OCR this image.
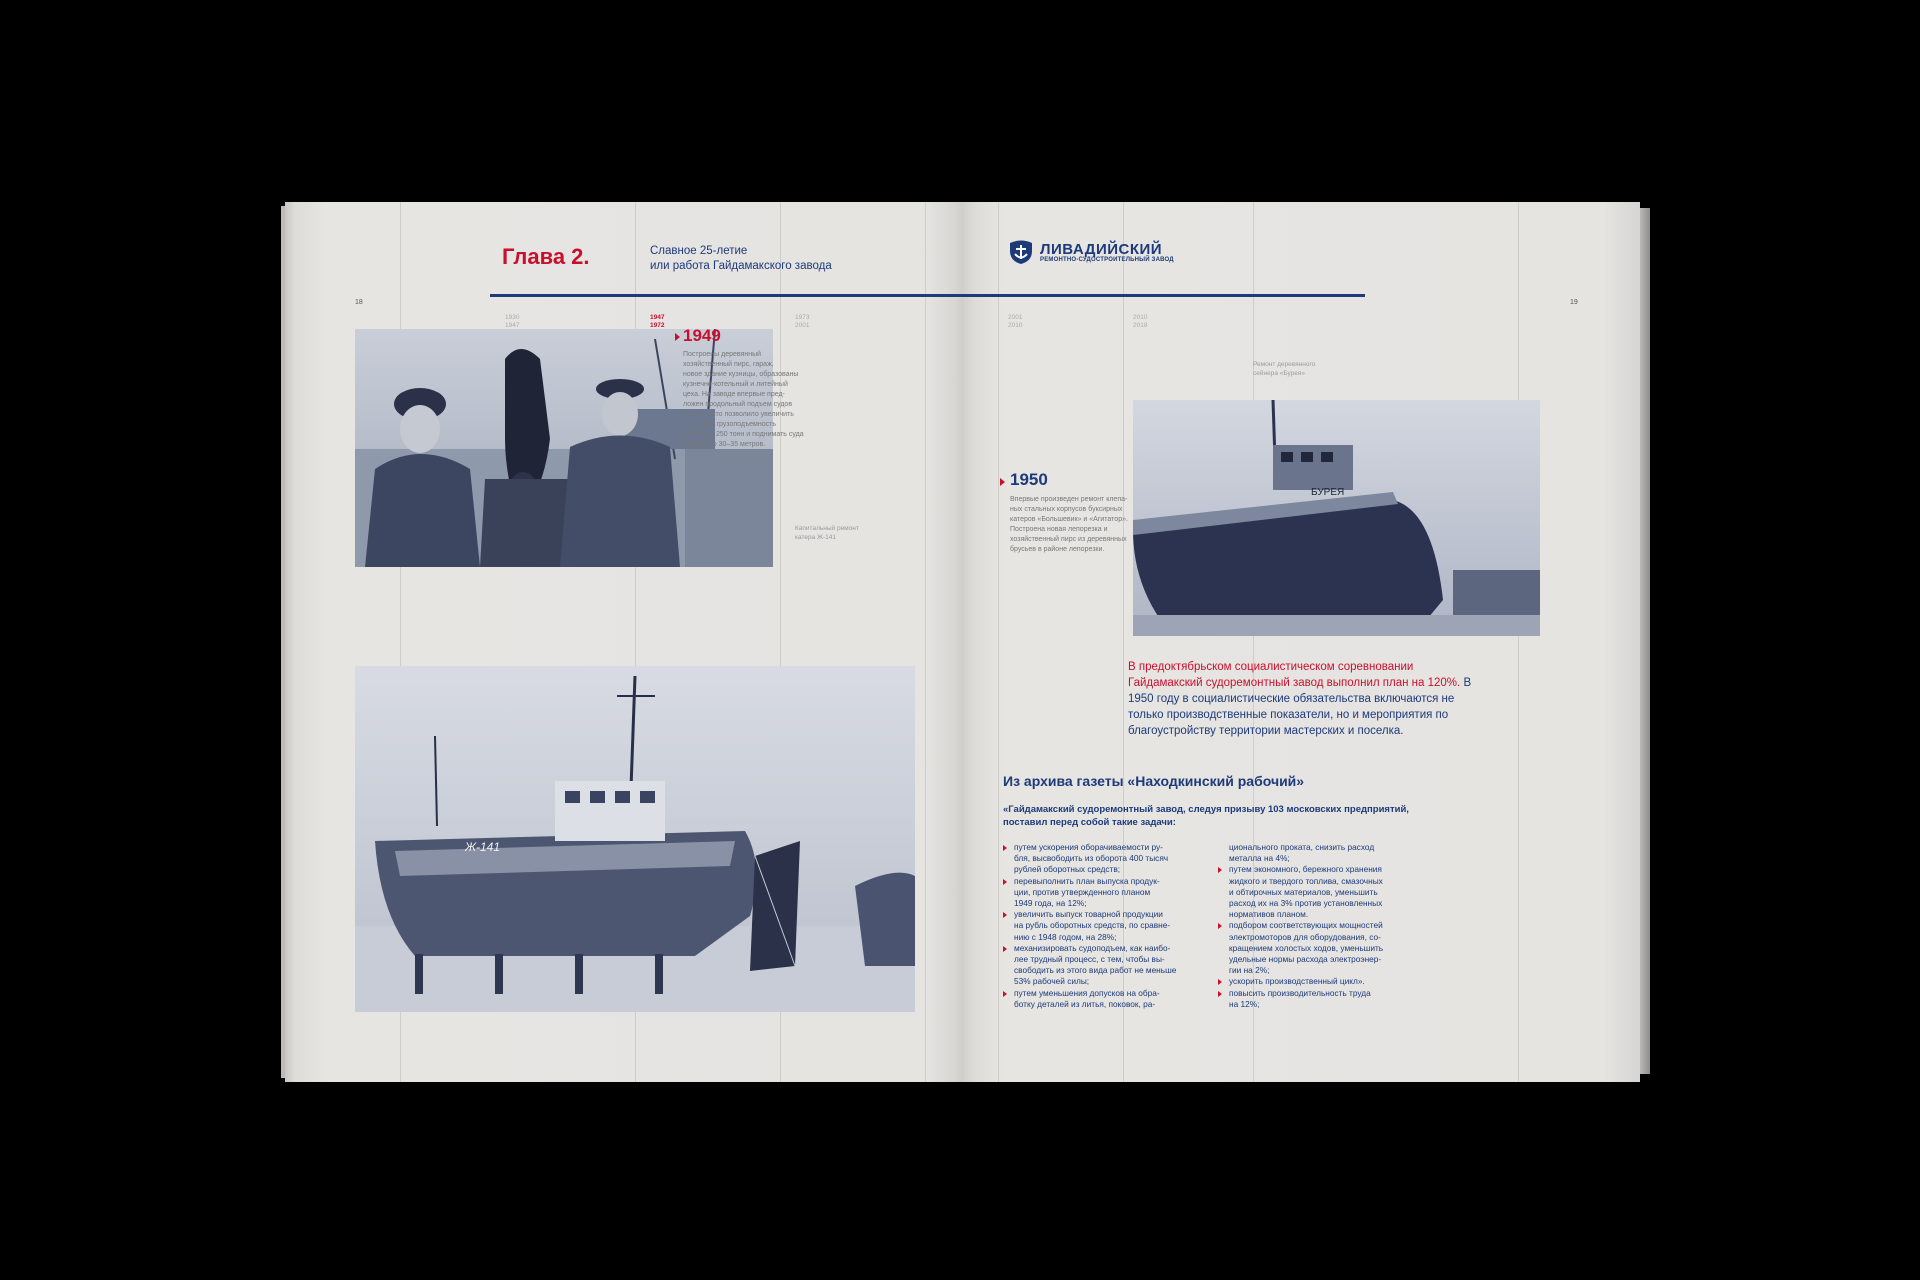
Глава 2.	Славное 25-летие
или работа Гайдамакского завода
18
1930
1947
1947
1972
1973
2001
1949
Построены деревянный
хозяйственный пирс, гараж,
новое здание кузницы, образованы
кузнечно-котельный и литейный
цеха. На заводе впервые пред-
ложен продольный подъем судов
на слип, что позволило увеличить
слиповую грузоподъемность
со 100 до 250 тонн и поднимать суда
длиной до 30–35 метров.
Капитальный ремонт
катера Ж-141
Ж-141
ЛИВАДИЙСКИЙ
РЕМОНТНО-СУДОСТРОИТЕЛЬНЫЙ ЗАВОД
19
2001
2010
2010
2018
Ремонт деревянного
сейнера «Бурея»
БУРЕЯ
1950
Впервые произведен ремонт клепа-
ных стальных корпусов буксирных
катеров «Большевик» и «Агитатор».
Построена новая лепорезка и
хозяйственный пирс из деревянных
брусьев в районе лепорезки.
В предоктябрьском социалистическом соревновании Гайдамакский судоремонтный завод выполнил план на 120%. В 1950 году в социалистические обязательства включаются не только производственные показатели, но и мероприятия по благоустройству территории мастерских и поселка.
Из архива газеты «Находкинский рабочий»
«Гайдамакский судоремонтный завод, следуя призыву 103 московских предприятий, поставил перед собой такие задачи:
путем ускорения оборачиваемости ру-
бля, высвободить из оборота 400 тысяч
рублей оборотных средств;
перевыполнить план выпуска продук-
ции, против утвержденного планом
1949 года, на 12%;
увеличить выпуск товарной продукции
на рубль оборотных средств, по сравне-
нию с 1948 годом, на 28%;
механизировать судоподъем, как наибо-
лее трудный процесс, с тем, чтобы вы-
свободить из этого вида работ не меньше
53% рабочей силы;
путем уменьшения допусков на обра-
ботку деталей из литья, поковок, ра-
ционального проката, снизить расход
металла на 4%;
путем экономного, бережного хранения
жидкого и твердого топлива, смазочных
и обтирочных материалов, уменьшить
расход их на 3% против установленных
нормативов планом.
подбором соответствующих мощностей
электромоторов для оборудования, со-
кращением холостых ходов, уменьшить
удельные нормы расхода электроэнер-
гии на 2%;
ускорить производственный цикл».
повысить производительность труда
на 12%;
